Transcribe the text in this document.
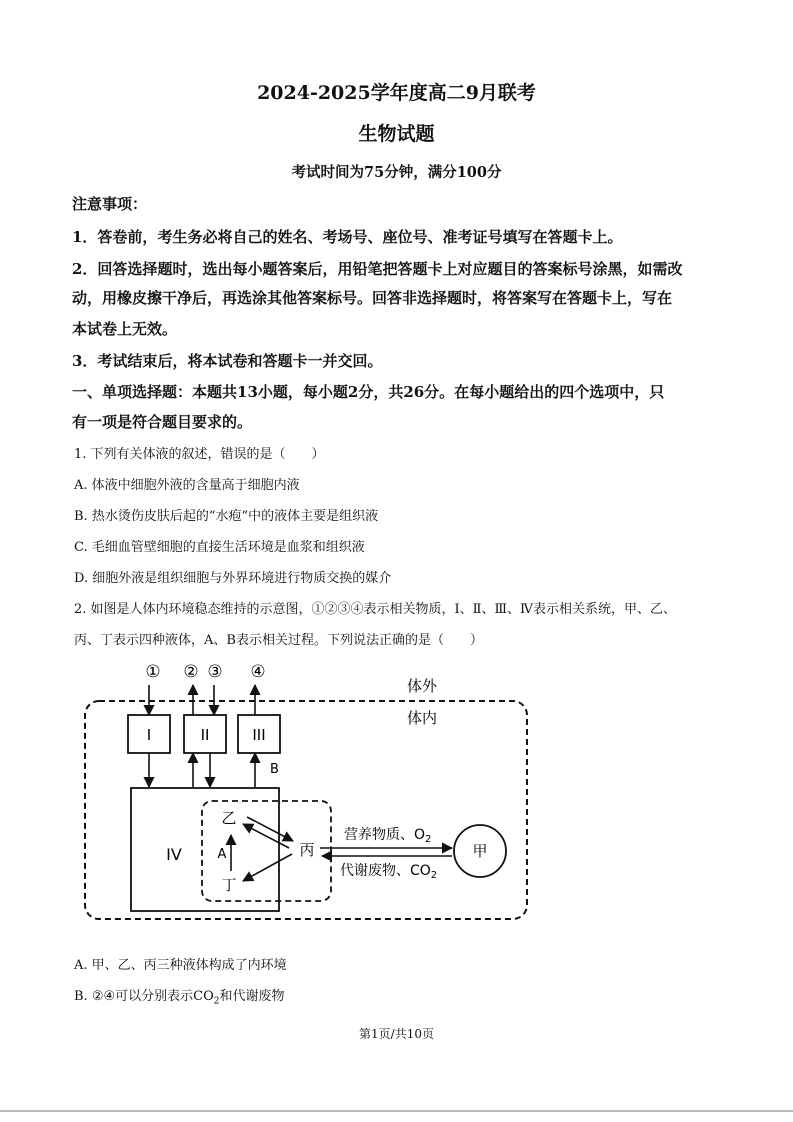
2024-2025学年度高二9月联考
生物试题
考试时间为75分钟，满分100分
注意事项：
1．答卷前，考生务必将自己的姓名、考场号、座位号、准考证号填写在答题卡上。
2．回答选择题时，选出每小题答案后，用铅笔把答题卡上对应题目的答案标号涂黑，如需改
动，用橡皮擦干净后，再选涂其他答案标号。回答非选择题时，将答案写在答题卡上，写在
本试卷上无效。
3．考试结束后，将本试卷和答题卡一并交回。
一、单项选择题：本题共13小题，每小题2分，共26分。在每小题给出的四个选项中，只
有一项是符合题目要求的。
1. 下列有关体液的叙述，错误的是（　　）
A. 体液中细胞外液的含量高于细胞内液
B. 热水烫伤皮肤后起的“水疱”中的液体主要是组织液
C. 毛细血管壁细胞的直接生活环境是血浆和组织液
D. 细胞外液是组织细胞与外界环境进行物质交换的媒介
2. 如图是人体内环境稳态维持的示意图，①②③④表示相关物质，Ⅰ、Ⅱ、Ⅲ、Ⅳ表示相关系统，甲、乙、
丙、丁表示四种液体，A、B表示相关过程。下列说法正确的是（　　）
① ② ③ ④
体外
体内
I	II	III
B
IV
乙
丁
丙
A
营养物质、$O_2$
代谢废物、$CO_2$
甲
A. 甲、乙、丙三种液体构成了内环境
B. ②④可以分别表示$CO_2$和代谢废物
第1页/共10页
